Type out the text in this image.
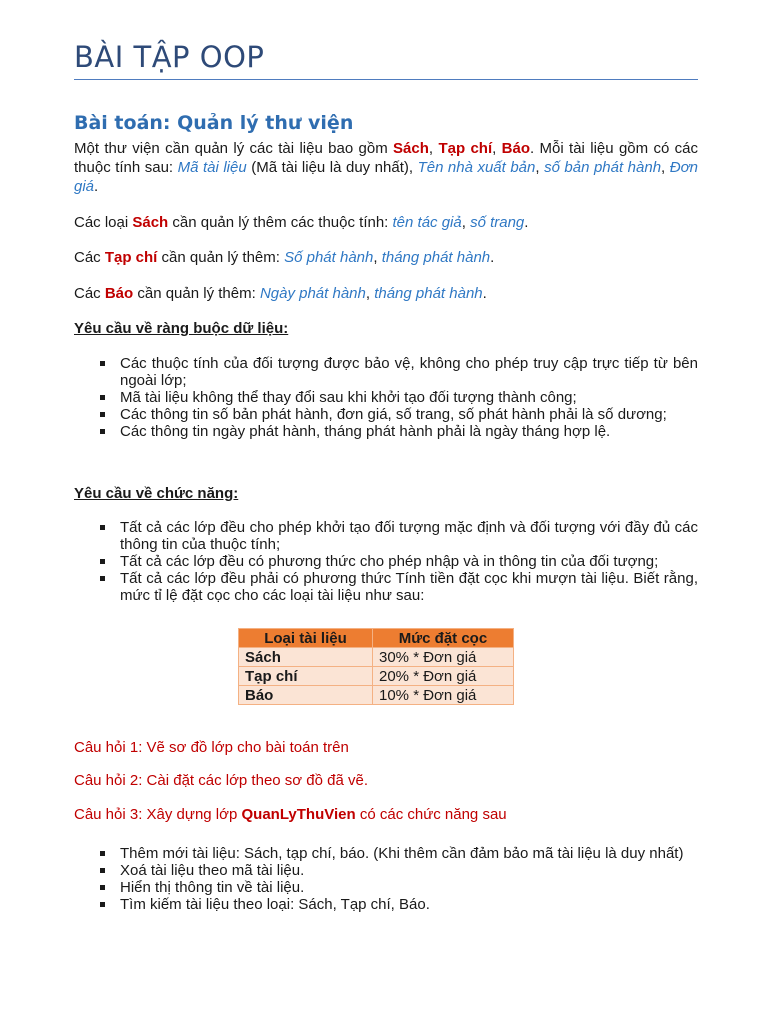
BÀI TẬP OOP
Bài toán: Quản lý thư viện

Một thư viện cần quản lý các tài liệu bao gồm Sách, Tạp chí, Báo. Mỗi tài liệu gồm có các thuộc tính sau: Mã tài liệu (Mã tài liệu là duy nhất), Tên nhà xuất bản, số bản phát hành, Đơn giá.

Các loại Sách cần quản lý thêm các thuộc tính: tên tác giả, số trang.

Các Tạp chí cần quản lý thêm: Số phát hành, tháng phát hành.

Các Báo cần quản lý thêm: Ngày phát hành, tháng phát hành.

Yêu cầu về ràng buộc dữ liệu:
Các thuộc tính của đối tượng được bảo vệ, không cho phép truy cập trực tiếp từ bên ngoài lớp;
Mã tài liệu không thể thay đổi sau khi khởi tạo đối tượng thành công;
Các thông tin số bản phát hành, đơn giá, số trang, số phát hành phải là số dương;
Các thông tin ngày phát hành, tháng phát hành phải là ngày tháng hợp lệ.
Yêu cầu về chức năng:
Tất cả các lớp đều cho phép khởi tạo đối tượng mặc định và đối tượng với đầy đủ các thông tin của thuộc tính;
Tất cả các lớp đều có phương thức cho phép nhập và in thông tin của đối tượng;
Tất cả các lớp đều phải có phương thức Tính tiền đặt cọc khi mượn tài liệu. Biết rằng, mức tỉ lệ đặt cọc cho các loại tài liệu như sau:
Loại tài liệu	Mức đặt cọc
Sách	30% * Đơn giá
Tạp chí	20% * Đơn giá
Báo	10% * Đơn giá
Câu hỏi 1: Vẽ sơ đồ lớp cho bài toán trên
Câu hỏi 2: Cài đặt các lớp theo sơ đồ đã vẽ.
Câu hỏi 3: Xây dựng lớp QuanLyThuVien có các chức năng sau
Thêm mới tài liệu: Sách, tạp chí, báo. (Khi thêm cần đảm bảo mã tài liệu là duy nhất)
Xoá tài liệu theo mã tài liệu.
Hiển thị thông tin về tài liệu.
Tìm kiếm tài liệu theo loại: Sách, Tạp chí, Báo.
